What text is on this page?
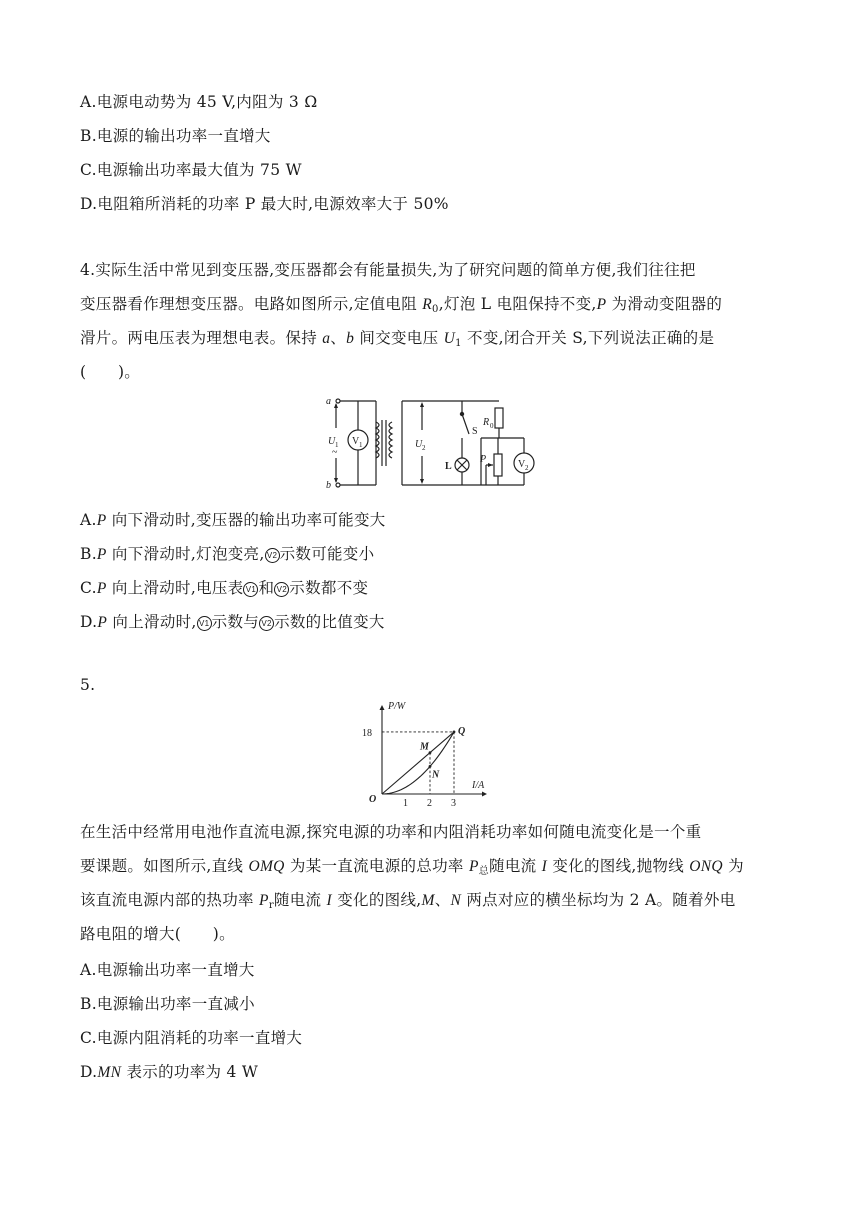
A.电源电动势为 45 V,内阻为 3 Ω
B.电源的输出功率一直增大
C.电源输出功率最大值为 75 W
D.电阻箱所消耗的功率 P 最大时,电源效率大于 50%
4.实际生活中常见到变压器,变压器都会有能量损失,为了研究问题的简单方便,我们往往把
变压器看作理想变压器。电路如图所示,定值电阻 $R_0$,灯泡 L 电阻保持不变,P 为滑动变阻器的
滑片。两电压表为理想电表。保持 a、b 间交变电压 $U_1$ 不变,闭合开关 S,下列说法正确的是
(　　)。
a
b
U 1
~
V 1	U 2
S
L
R 0
P	V 2
A.P 向下滑动时,变压器的输出功率可能变大
B.P 向下滑动时,灯泡变亮, V2 示数可能变小
C.P 向上滑动时,电压表 V1 和 V2 示数都不变
D.P 向上滑动时, V1 示数与 V2 示数的比值变大
5.
P/W
I/A
O
18
M
N
Q
1 2 3
在生活中经常用电池作直流电源,探究电源的功率和内阻消耗功率如何随电流变化是一个重
要课题。如图所示,直线 OMQ 为某一直流电源的总功率 $P_总$随电流 I 变化的图线,抛物线 ONQ 为
该直流电源内部的热功率 $P_r$随电流 I 变化的图线,M、N 两点对应的横坐标均为 2 A。随着外电
路电阻的增大(　　)。
A.电源输出功率一直增大
B.电源输出功率一直减小
C.电源内阻消耗的功率一直增大
D.MN 表示的功率为 4 W
